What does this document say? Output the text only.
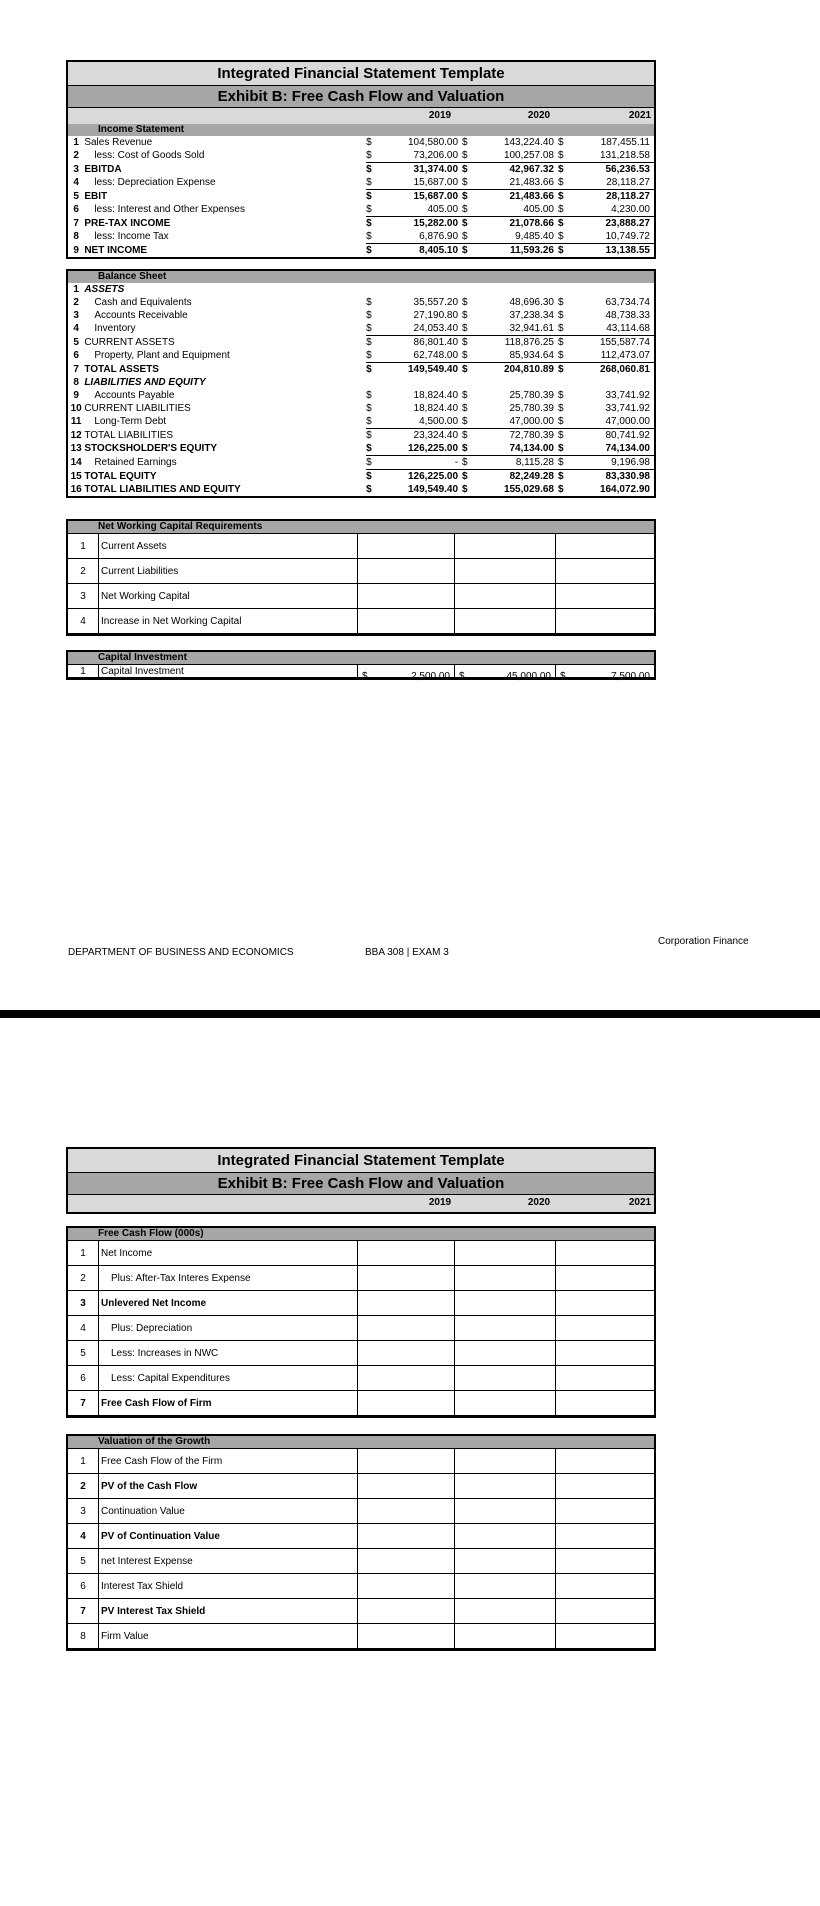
Integrated Financial Statement Template
Exhibit B: Free Cash Flow and Valuation
2019	2020	2021
Income Statement
1	Sales Revenue	$	104,580.00	$	143,224.40	$	187,455.11
2	less: Cost of Goods Sold	$	73,206.00	$	100,257.08	$	131,218.58
3	EBITDA	$	31,374.00	$	42,967.32	$	56,236.53
4	less: Depreciation Expense	$	15,687.00	$	21,483.66	$	28,118.27
5	EBIT	$	15,687.00	$	21,483.66	$	28,118.27
6	less: Interest and Other Expenses	$	405.00	$	405.00	$	4,230.00
7	PRE-TAX INCOME	$	15,282.00	$	21,078.66	$	23,888.27
8	less: Income Tax	$	6,876.90	$	9,485.40	$	10,749.72
9	NET INCOME	$	8,405.10	$	11,593.26	$	13,138.55
Balance Sheet
1	ASSETS						
2	Cash and Equivalents	$	35,557.20	$	48,696.30	$	63,734.74
3	Accounts Receivable	$	27,190.80	$	37,238.34	$	48,738.33
4	Inventory	$	24,053.40	$	32,941.61	$	43,114.68
5	CURRENT ASSETS	$	86,801.40	$	118,876.25	$	155,587.74
6	Property, Plant and Equipment	$	62,748.00	$	85,934.64	$	112,473.07
7	TOTAL ASSETS	$	149,549.40	$	204,810.89	$	268,060.81
8	LIABILITIES AND EQUITY						
9	Accounts Payable	$	18,824.40	$	25,780.39	$	33,741.92
10	CURRENT LIABILITIES	$	18,824.40	$	25,780.39	$	33,741.92
11	Long-Term Debt	$	4,500.00	$	47,000.00	$	47,000.00
12	TOTAL LIABILITIES	$	23,324.40	$	72,780.39	$	80,741.92
13	STOCKSHOLDER'S EQUITY	$	126,225.00	$	74,134.00	$	74,134.00
14	Retained Earnings	$	-	$	8,115.28	$	9,196.98
15	TOTAL EQUITY	$	126,225.00	$	82,249.28	$	83,330.98
16	TOTAL LIABILITIES AND EQUITY	$	149,549.40	$	155,029.68	$	164,072.90
Net Working Capital Requirements
1	Current Assets			
2	Current Liabilities			
3	Net Working Capital			
4	Increase in Net Working Capital			
Capital Investment
1	Capital Investment	$	2,500.00	$	45,000.00	$	7,500.00
Corporation Finance
DEPARTMENT OF BUSINESS AND ECONOMICS	BBA 308 | EXAM 3
Integrated Financial Statement Template
Exhibit B: Free Cash Flow and Valuation
2019	2020	2021
Free Cash Flow (000s)
1	Net Income			
2	Plus: After-Tax Interes Expense			
3	Unlevered Net Income			
4	Plus: Depreciation			
5	Less: Increases in NWC			
6	Less: Capital Expenditures			
7	Free Cash Flow of Firm			
Valuation of the Growth
1	Free Cash Flow of the Firm			
2	PV of the Cash Flow			
3	Continuation Value			
4	PV of Continuation Value			
5	net Interest Expense			
6	Interest Tax Shield			
7	PV Interest Tax Shield			
8	Firm Value			
